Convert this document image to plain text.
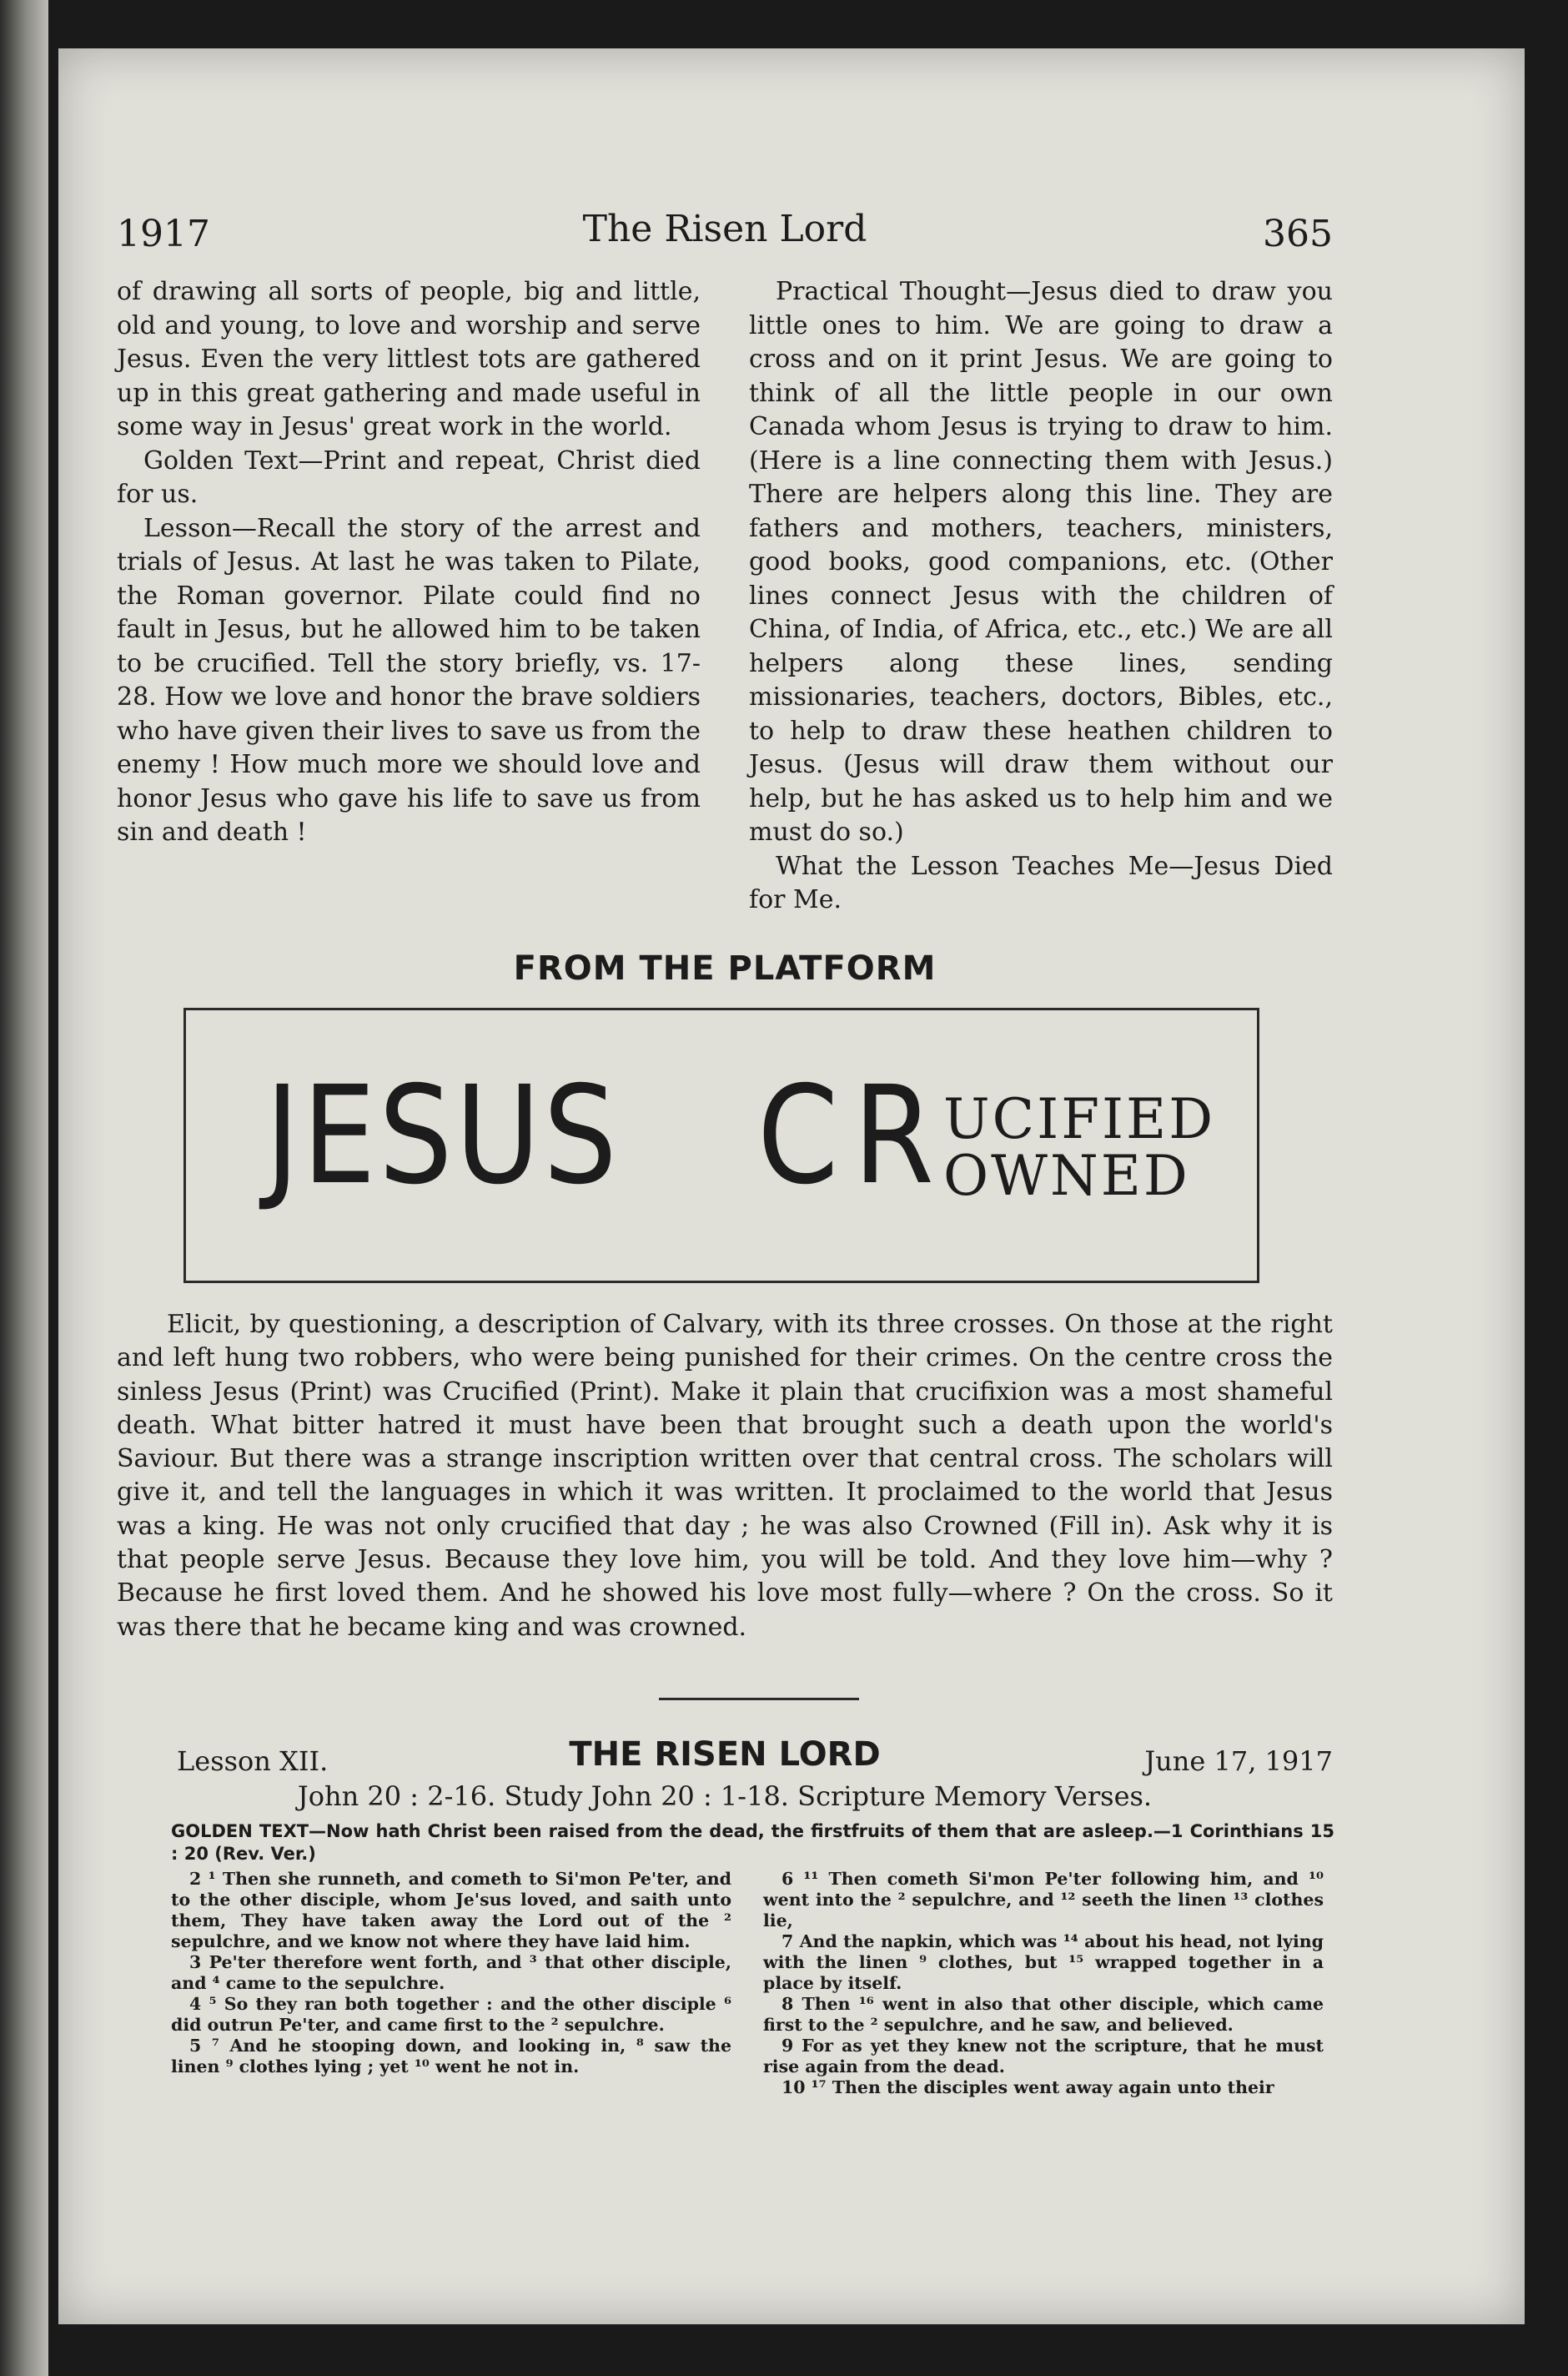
1917	The Risen Lord	365

of drawing all sorts of people, big and little, old and young, to love and worship and serve Jesus. Even the very littlest tots are gathered up in this great gathering and made useful in some way in Jesus' great work in the world.

Golden Text—Print and repeat, Christ died for us.

Lesson—Recall the story of the arrest and trials of Jesus. At last he was taken to Pilate, the Roman governor. Pilate could find no fault in Jesus, but he allowed him to be taken to be crucified. Tell the story briefly, vs. 17-28. How we love and honor the brave soldiers who have given their lives to save us from the enemy ! How much more we should love and honor Jesus who gave his life to save us from sin and death !

Practical Thought—Jesus died to draw you little ones to him. We are going to draw a cross and on it print Jesus. We are going to think of all the little people in our own Canada whom Jesus is trying to draw to him. (Here is a line connecting them with Jesus.) There are helpers along this line. They are fathers and mothers, teachers, ministers, good books, good companions, etc. (Other lines connect Jesus with the children of China, of India, of Africa, etc., etc.) We are all helpers along these lines, sending missionaries, teachers, doctors, Bibles, etc., to help to draw these heathen children to Jesus. (Jesus will draw them without our help, but he has asked us to help him and we must do so.)

What the Lesson Teaches Me—Jesus Died for Me.

FROM THE PLATFORM
JESUS C R UCIFIED
OWNED

Elicit, by questioning, a description of Calvary, with its three crosses. On those at the right and left hung two robbers, who were being punished for their crimes. On the centre cross the sinless Jesus (Print) was Crucified (Print). Make it plain that crucifixion was a most shameful death. What bitter hatred it must have been that brought such a death upon the world's Saviour. But there was a strange inscription written over that central cross. The scholars will give it, and tell the languages in which it was written. It proclaimed to the world that Jesus was a king. He was not only crucified that day ; he was also Crowned (Fill in). Ask why it is that people serve Jesus. Because they love him, you will be told. And they love him—why ? Because he first loved them. And he showed his love most fully—where ? On the cross. So it was there that he became king and was crowned.

Lesson XII.	THE RISEN LORD	June 17, 1917
John 20 : 2-16. Study John 20 : 1-18. Scripture Memory Verses.
GOLDEN TEXT—Now hath Christ been raised from the dead, the firstfruits of them that are asleep.—1 Corinthians 15 : 20 (Rev. Ver.)

2 ¹ Then she runneth, and cometh to Si'mon Pe'ter, and to the other disciple, whom Je'sus loved, and saith unto them, They have taken away the Lord out of the ² sepulchre, and we know not where they have laid him.

3 Pe'ter therefore went forth, and ³ that other disciple, and ⁴ came to the sepulchre.

4 ⁵ So they ran both together : and the other disciple ⁶ did outrun Pe'ter, and came first to the ² sepulchre.

5 ⁷ And he stooping down, and looking in, ⁸ saw the linen ⁹ clothes lying ; yet ¹⁰ went he not in.

6 ¹¹ Then cometh Si'mon Pe'ter following him, and ¹⁰ went into the ² sepulchre, and ¹² seeth the linen ¹³ clothes lie,

7 And the napkin, which was ¹⁴ about his head, not lying with the linen ⁹ clothes, but ¹⁵ wrapped together in a place by itself.

8 Then ¹⁶ went in also that other disciple, which came first to the ² sepulchre, and he saw, and believed.

9 For as yet they knew not the scripture, that he must rise again from the dead.

10 ¹⁷ Then the disciples went away again unto their
